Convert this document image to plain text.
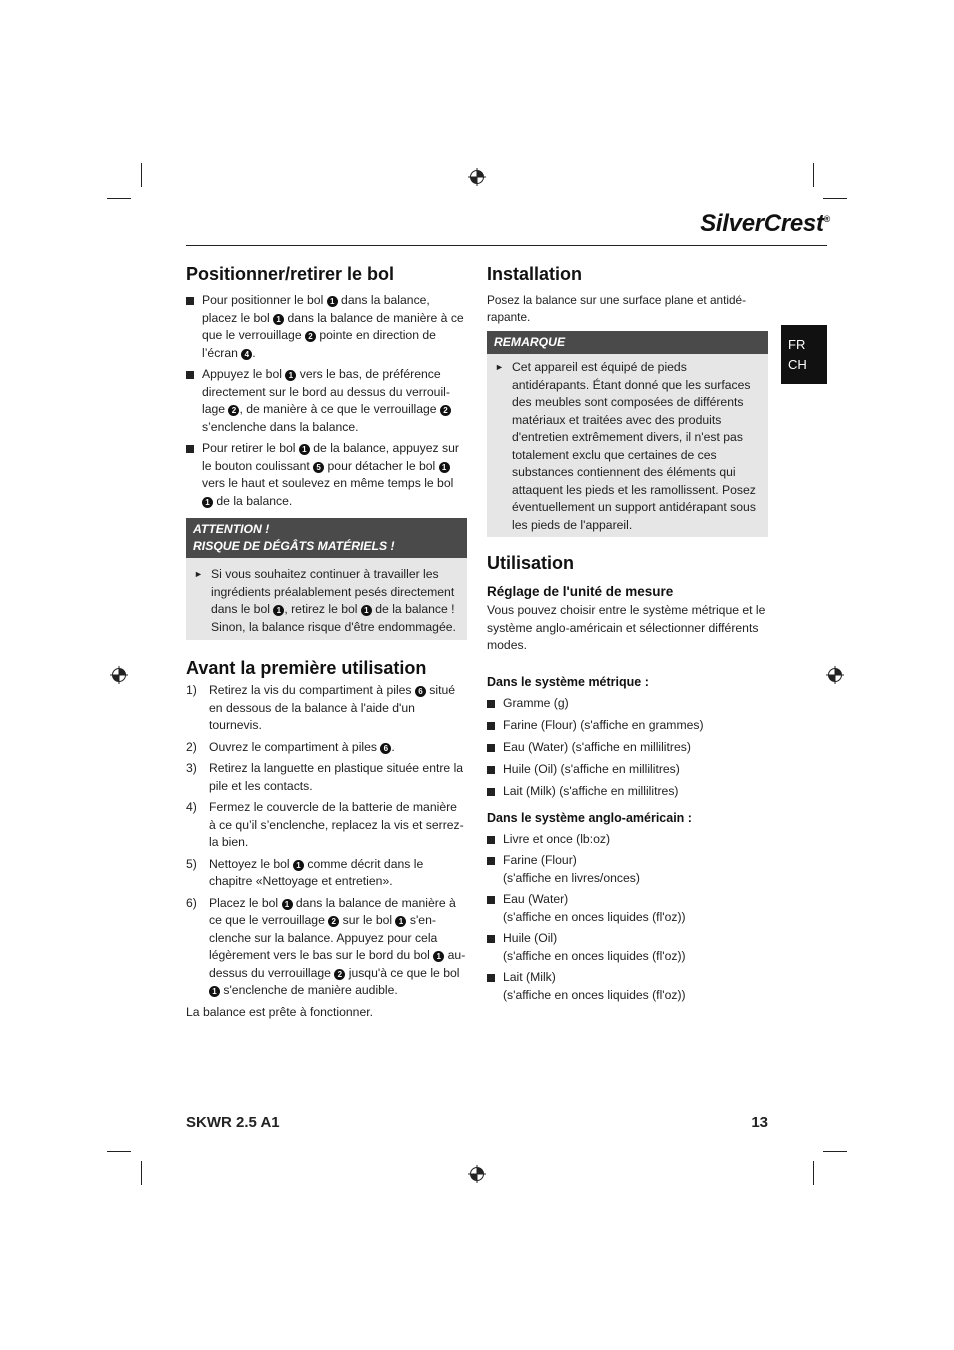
SilverCrest®
FR
CH
Positionner/retirer le bol
Pour positionner le bol 1 dans la balance, placez le bol 1 dans la balance de manière à ce que le verrouillage 2 pointe en direction de l’écran 4 .
Appuyez le bol 1 vers le bas, de préférence directement sur le bord au dessus du verrouillage 2 , de manière à ce que le verrouillage 2 s’enclenche dans la balance.
Pour retirer le bol 1 de la balance, appuyez sur le bouton coulissant 5 pour détacher le bol 1 vers le haut et soulevez en même temps le bol 1 de la balance.
ATTENTION !
RISQUE DE DÉGÂTS MATÉRIELS !
► Si vous souhaitez continuer à travailler les ingrédients préalablement pesés directement dans le bol 1 , retirez le bol 1 de la balance ! Sinon, la balance risque d'être endommagée.

Avant la première utilisation
1) Retirez la vis du compartiment à piles 6 situé en dessous de la balance à l'aide d'un tournevis.
2) Ouvrez le compartiment à piles 6 .
3) Retirez la languette en plastique située entre la pile et les contacts.
4) Fermez le couvercle de la batterie de manière à ce qu’il s’enclenche, replacez la vis et serrez-la bien.
5) Nettoyez le bol 1 comme décrit dans le chapitre «Nettoyage et entretien».
6) Placez le bol 1 dans la balance de manière à ce que le verrouillage 2 sur le bol 1 s'enclenche sur la balance. Appuyez pour cela légèrement vers le bas sur le bord du bol 1 au-dessus du verrouillage 2 jusqu'à ce que le bol 1 s'enclenche de manière audible.

La balance est prête à fonctionner.

Installation

Posez la balance sur une surface plane et antidérapante.

REMARQUE
► Cet appareil est équipé de pieds antidérapants. Étant donné que les surfaces des meubles sont composées de différents matériaux et traitées avec des produits d'entretien extrêmement divers, il n'est pas totalement exclu que certaines de ces substances contiennent des éléments qui attaquent les pieds et les ramollissent. Posez éventuellement un support antidérapant sous les pieds de l'appareil.

Utilisation
Réglage de l'unité de mesure

Vous pouvez choisir entre le système métrique et le système anglo-américain et sélectionner différents modes.

Dans le système métrique :
Gramme (g)
Farine (Flour) (s'affiche en grammes)
Eau (Water) (s'affiche en millilitres)
Huile (Oil) (s'affiche en millilitres)
Lait (Milk) (s'affiche en millilitres)
Dans le système anglo-américain :
Livre et once (lb:oz)
Farine (Flour)
(s'affiche en livres/onces)
Eau (Water)
(s'affiche en onces liquides (fl'oz))
Huile (Oil)
(s'affiche en onces liquides (fl'oz))
Lait (Milk)
(s'affiche en onces liquides (fl'oz))
SKWR 2.5 A1	13
